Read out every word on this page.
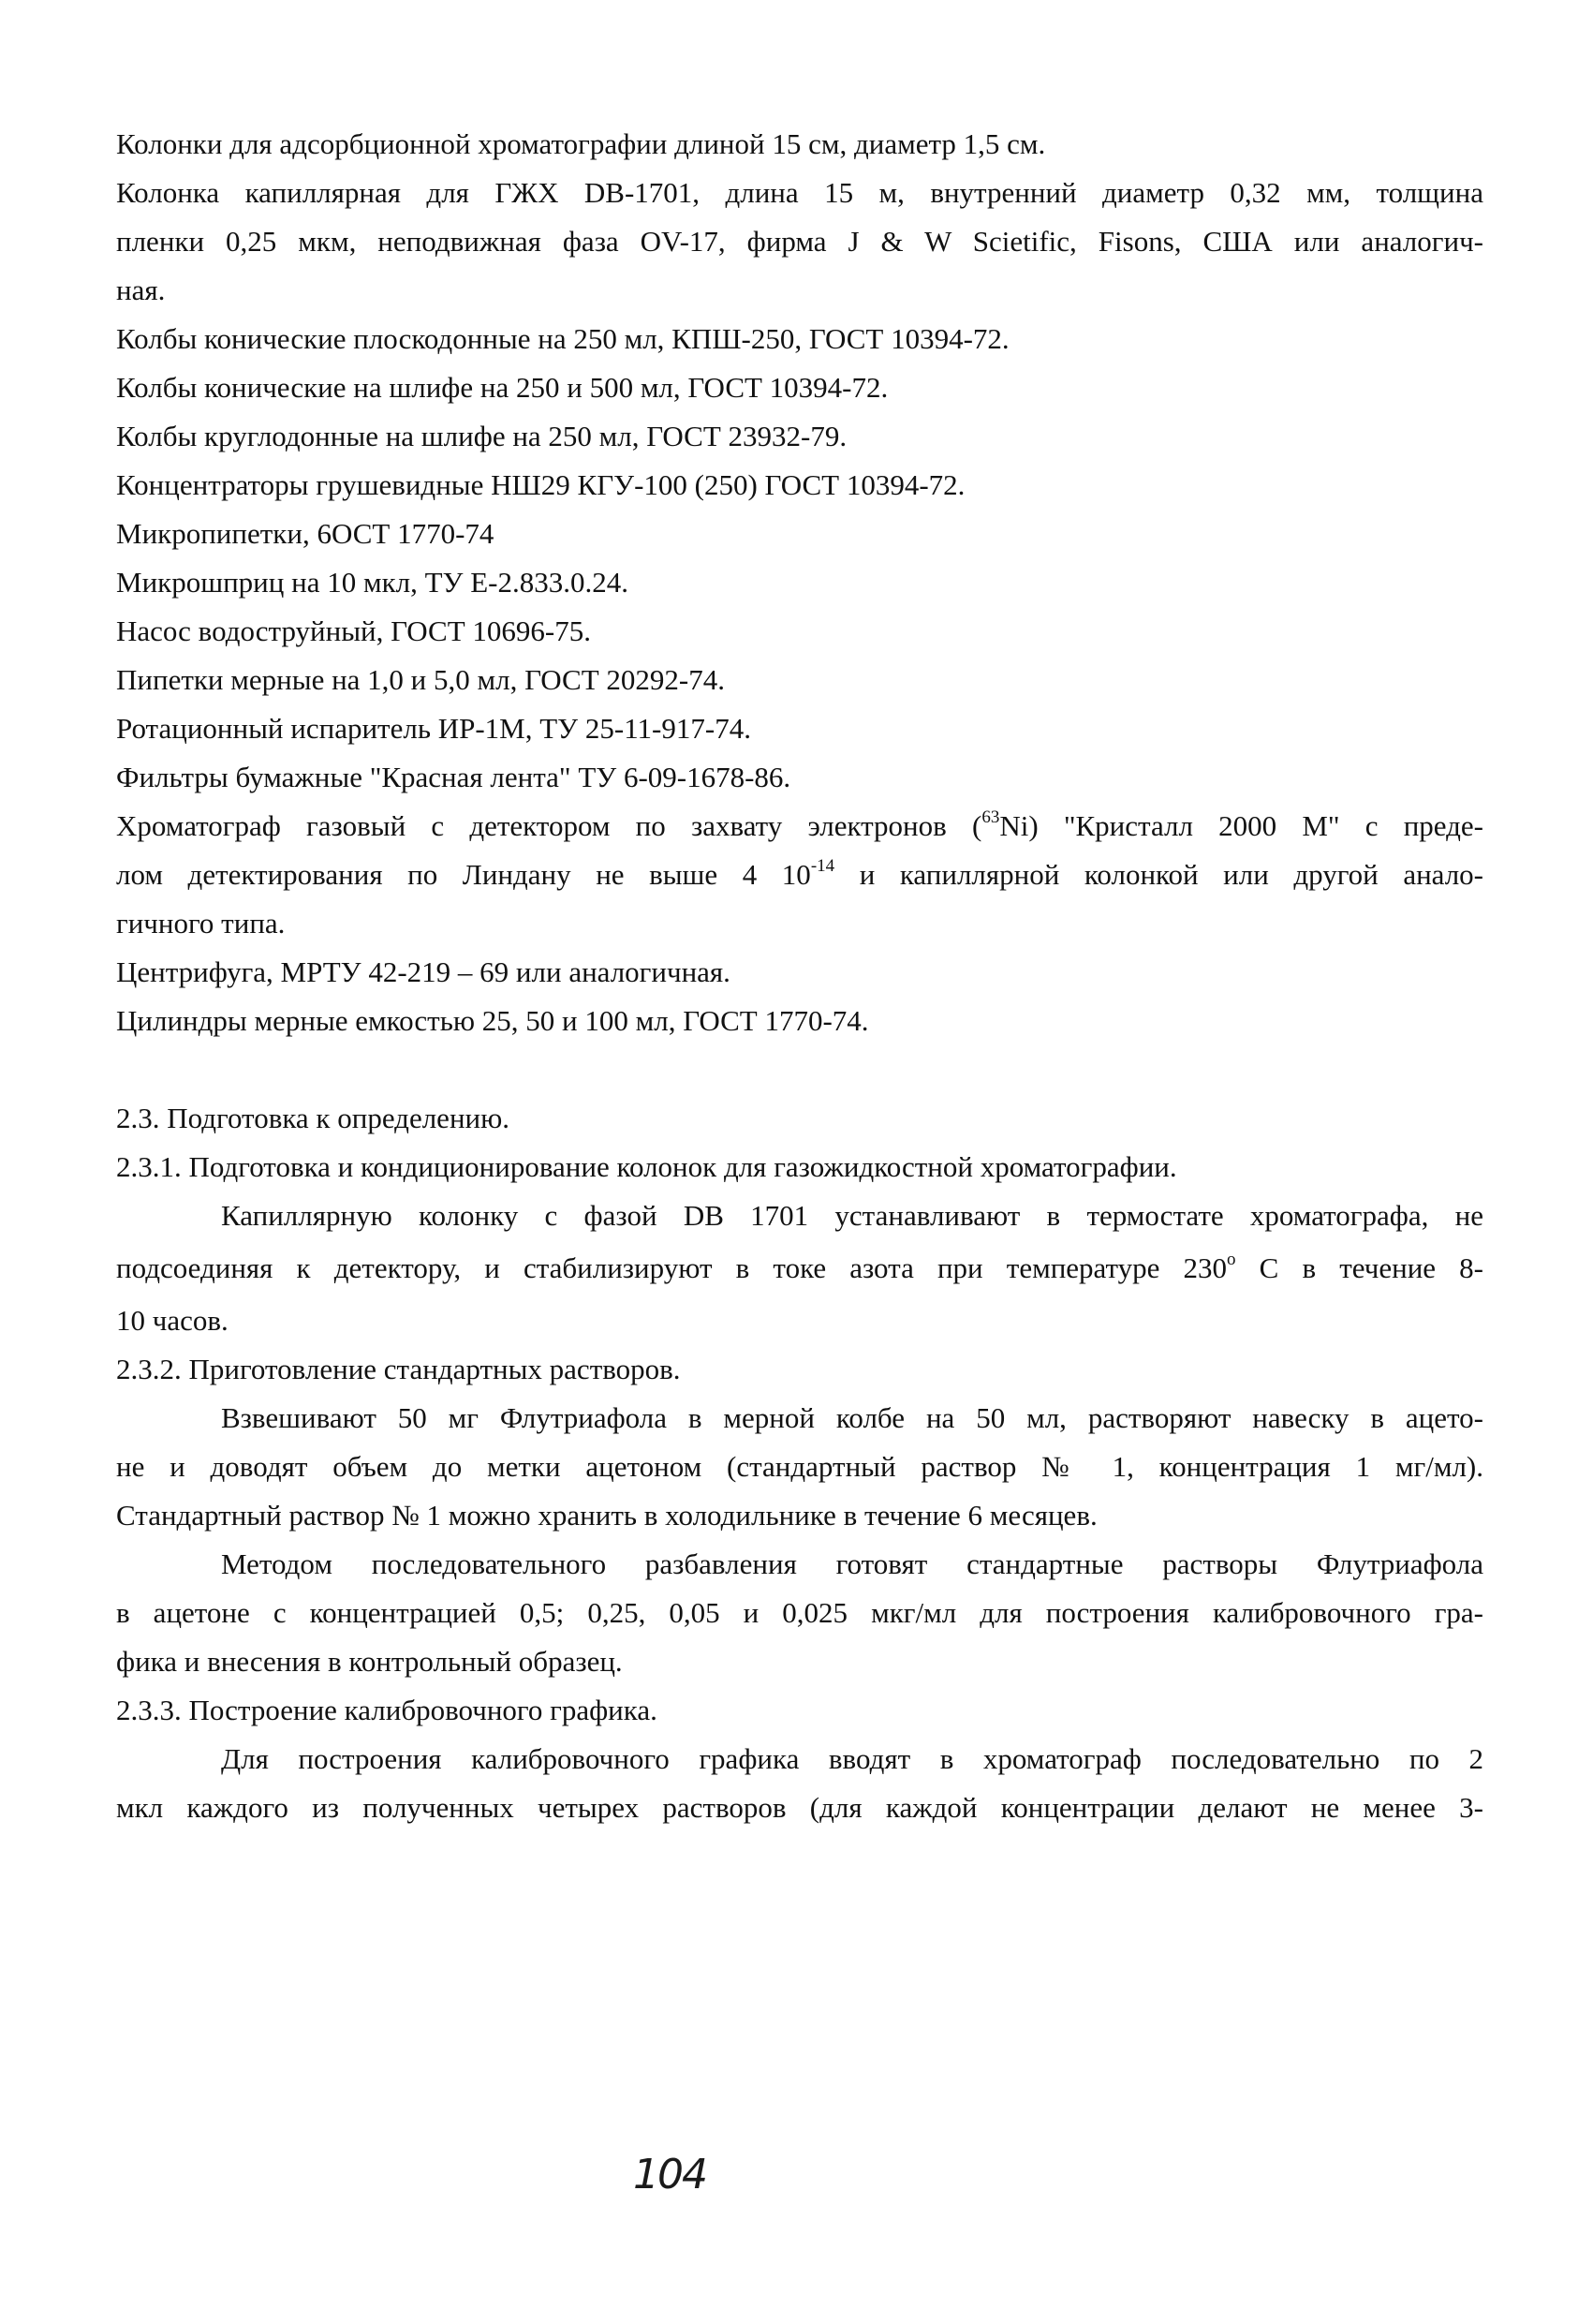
Колонки для адсорбционной хроматографии длиной 15 см, диаметр 1,5 см.
Колонка капиллярная для ГЖХ DB-1701, длина 15 м, внутренний диаметр 0,32 мм, толщина
пленки 0,25 мкм, неподвижная фаза OV-17, фирма J & W Scietific, Fisons, США или аналогич-
ная.
Колбы конические плоскодонные на 250 мл, КПШ-250, ГОСТ 10394-72.
Колбы конические на шлифе на 250 и 500 мл, ГОСТ 10394-72.
Колбы круглодонные на шлифе на 250 мл, ГОСТ 23932-79.
Концентраторы грушевидные НШ29 КГУ-100 (250) ГОСТ 10394-72.
Микропипетки, 6ОСТ 1770-74
Микрошприц на 10 мкл, ТУ Е-2.833.0.24.
Насос водоструйный, ГОСТ 10696-75.
Пипетки мерные на 1,0 и 5,0 мл, ГОСТ 20292-74.
Ротационный испаритель ИР-1М, ТУ 25-11-917-74.
Фильтры бумажные "Красная лента" ТУ 6-09-1678-86.
Хроматограф газовый с детектором по захвату электронов ($^{63}$Ni) "Кристалл 2000 М" с преде-
лом детектирования по Линдану не выше 4 $10^{-14}$ и капиллярной колонкой или другой анало-
гичного типа.
Центрифуга, МРТУ 42-219 – 69 или аналогичная.
Цилиндры мерные емкостью 25, 50 и 100 мл, ГОСТ 1770-74.
2.3. Подготовка к определению.
2.3.1. Подготовка и кондиционирование колонок для газожидкостной хроматографии.
Капиллярную колонку с фазой DB 1701 устанавливают в термостате хроматографа, не
подсоединяя к детектору, и стабилизируют в токе азота при температуре $230^о$ С в течение 8-
10 часов.
2.3.2. Приготовление стандартных растворов.
Взвешивают 50 мг Флутриафола в мерной колбе на 50 мл, растворяют навеску в ацето-
не и доводят объем до метки ацетоном (стандартный раствор № 1, концентрация 1 мг/мл).
Стандартный раствор № 1 можно хранить в холодильнике в течение 6 месяцев.
Методом последовательного разбавления готовят стандартные растворы Флутриафола
в ацетоне с концентрацией 0,5; 0,25, 0,05 и 0,025 мкг/мл для построения калибровочного гра-
фика и внесения в контрольный образец.
2.3.3. Построение калибровочного графика.
Для построения калибровочного графика вводят в хроматограф последовательно по 2
мкл каждого из полученных четырех растворов (для каждой концентрации делают не менее 3-
104
